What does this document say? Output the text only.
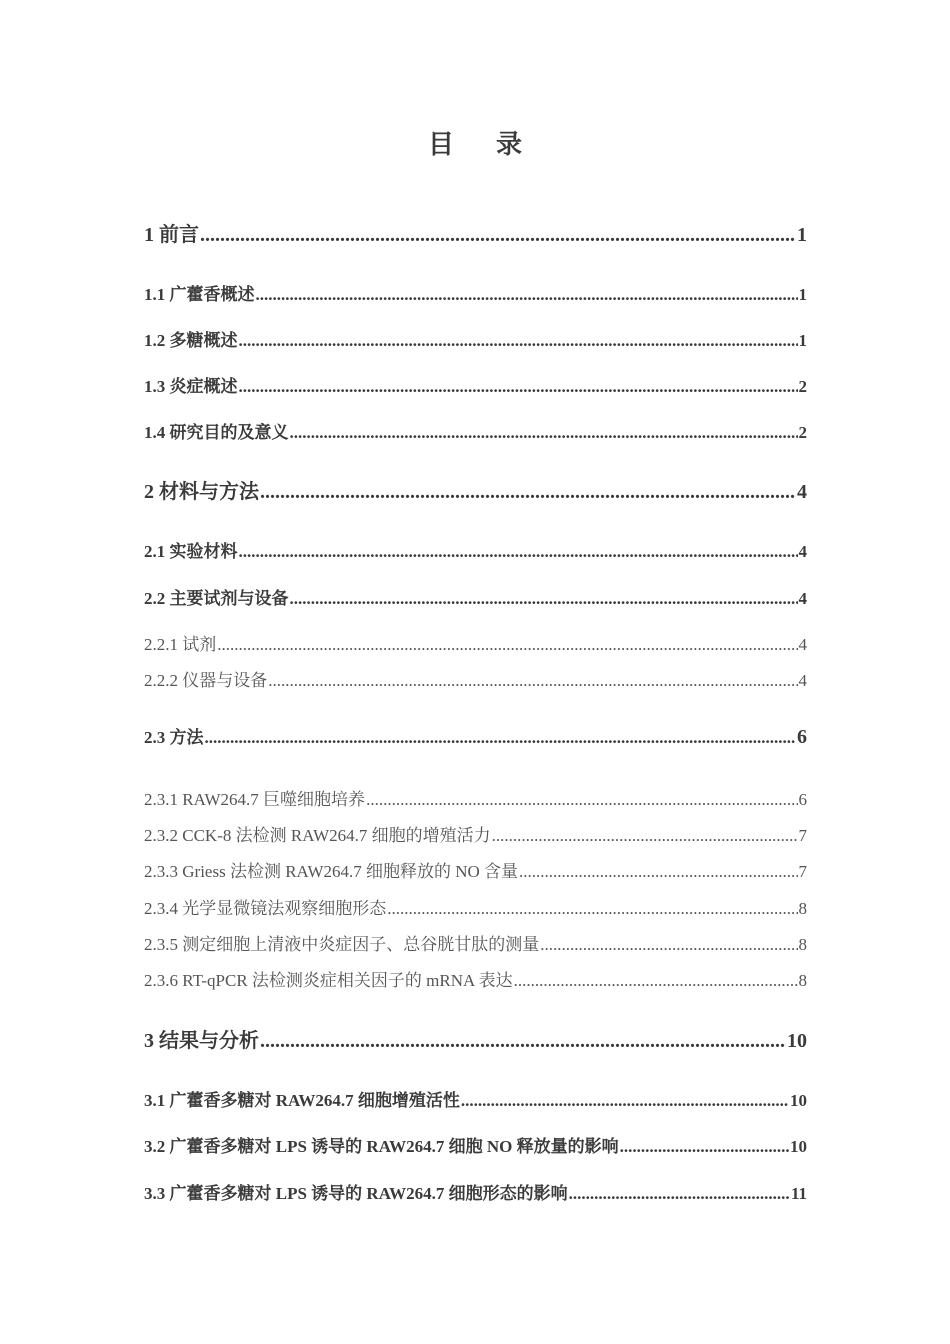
目 录
1 前言 .....	1
1.1 广藿香概述 .....	1
1.2 多糖概述 .....	1
1.3 炎症概述 .....	2
1.4 研究目的及意义 .....	2
2 材料与方法 .....	4
2.1 实验材料 .....	4
2.2 主要试剂与设备 .....	4
2.2.1 试剂 .....	4
2.2.2 仪器与设备 .....	4
2.3 方法 .....	6
2.3.1 RAW264.7 巨噬细胞培养 .....	6
2.3.2 CCK-8 法检测 RAW264.7 细胞的增殖活力 .....	7
2.3.3 Griess 法检测 RAW264.7 细胞释放的 NO 含量 .....	7
2.3.4 光学显微镜法观察细胞形态 .....	8
2.3.5 测定细胞上清液中炎症因子、总谷胱甘肽的测量 .....	8
2.3.6 RT-qPCR 法检测炎症相关因子的 mRNA 表达 .....	8
3 结果与分析 .....	10
3.1 广藿香多糖对 RAW264.7 细胞增殖活性 .....	10
3.2 广藿香多糖对 LPS 诱导的 RAW264.7 细胞 NO 释放量的影响 .....	10
3.3 广藿香多糖对 LPS 诱导的 RAW264.7 细胞形态的影响 .....	11
